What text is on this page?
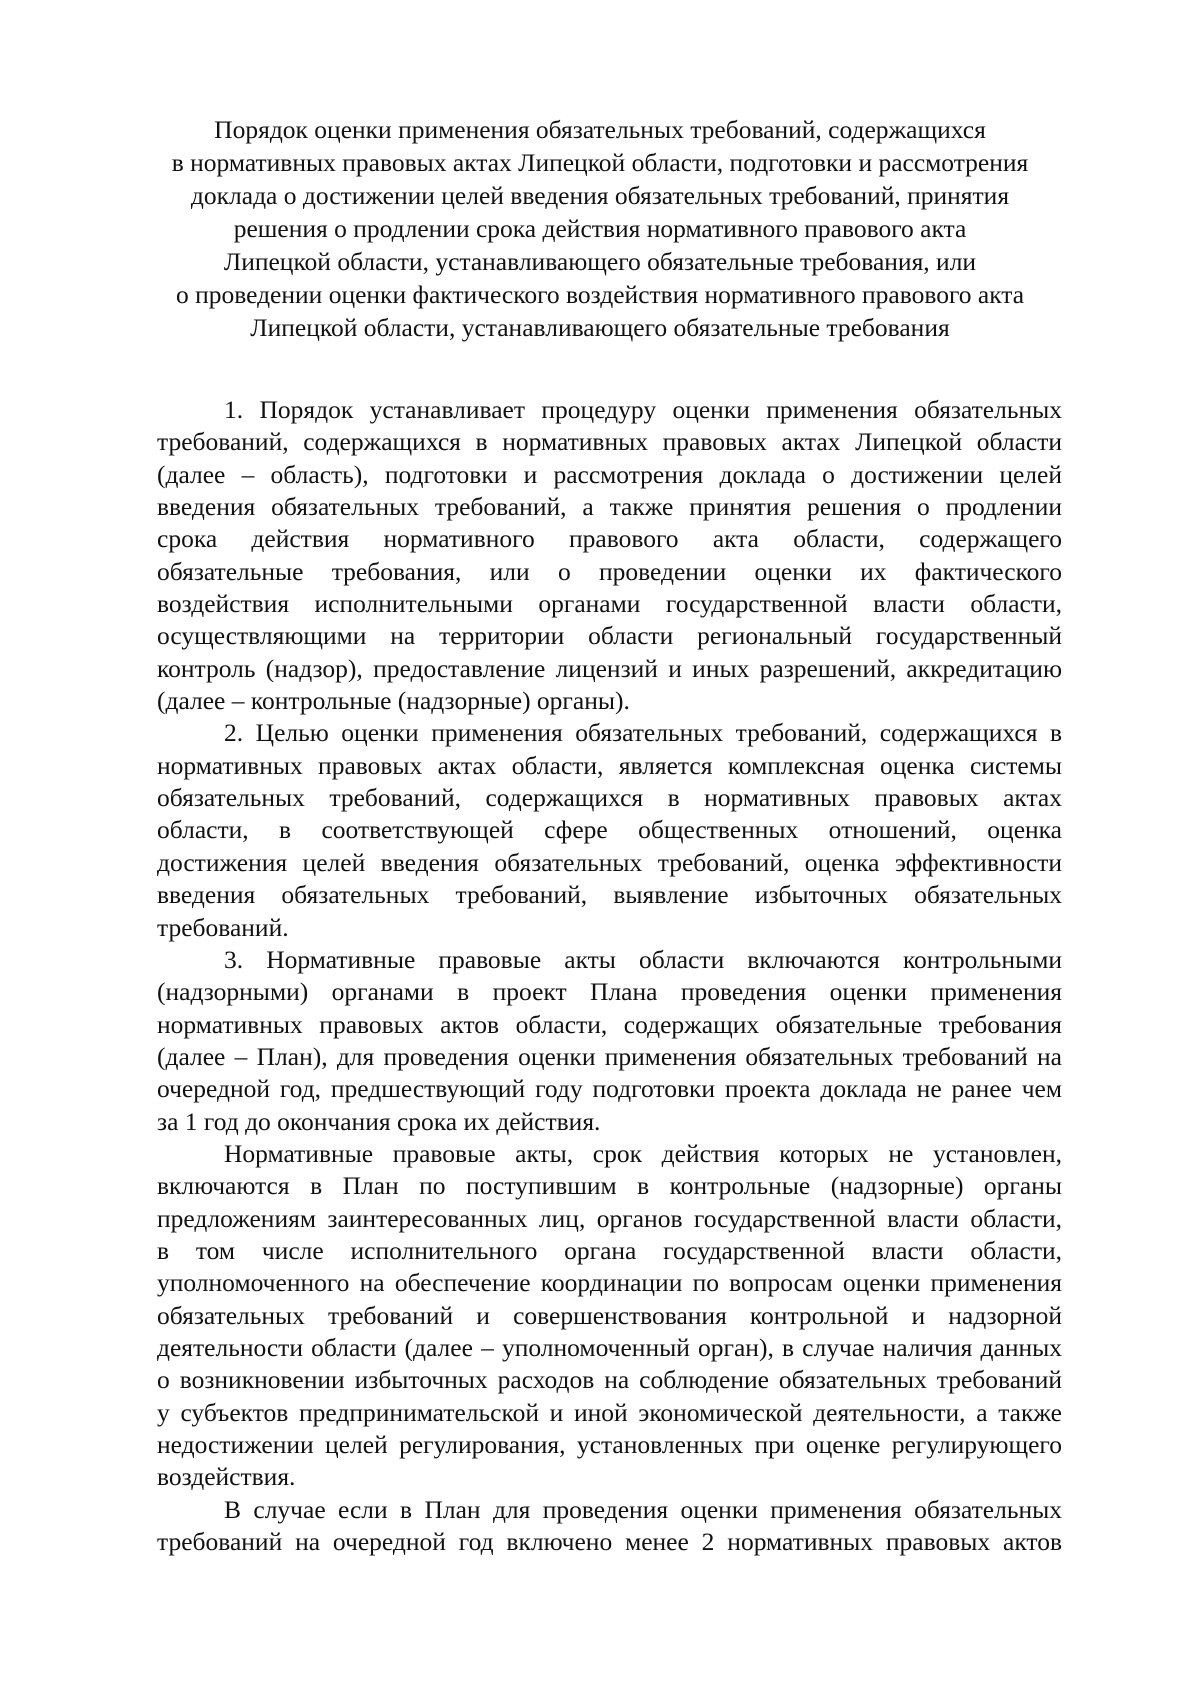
Порядок оценки применения обязательных требований, содержащихся
в нормативных правовых актах Липецкой области, подготовки и рассмотрения
доклада о достижении целей введения обязательных требований, принятия
решения о продлении срока действия нормативного правового акта
Липецкой области, устанавливающего обязательные требования, или
о проведении оценки фактического воздействия нормативного правового акта
Липецкой области, устанавливающего обязательные требования
1. Порядок устанавливает процедуру оценки применения обязательных
требований, содержащихся в нормативных правовых актах Липецкой области
(далее – область), подготовки и рассмотрения доклада о достижении целей
введения обязательных требований, а также принятия решения о продлении
срока действия нормативного правового акта области, содержащего
обязательные требования, или о проведении оценки их фактического
воздействия исполнительными органами государственной власти области,
осуществляющими на территории области региональный государственный
контроль (надзор), предоставление лицензий и иных разрешений, аккредитацию
(далее – контрольные (надзорные) органы).
2. Целью оценки применения обязательных требований, содержащихся в
нормативных правовых актах области, является комплексная оценка системы
обязательных требований, содержащихся в нормативных правовых актах
области, в соответствующей сфере общественных отношений, оценка
достижения целей введения обязательных требований, оценка эффективности
введения обязательных требований, выявление избыточных обязательных
требований.
3. Нормативные правовые акты области включаются контрольными
(надзорными) органами в проект Плана проведения оценки применения
нормативных правовых актов области, содержащих обязательные требования
(далее – План), для проведения оценки применения обязательных требований на
очередной год, предшествующий году подготовки проекта доклада не ранее чем
за 1 год до окончания срока их действия.
Нормативные правовые акты, срок действия которых не установлен,
включаются в План по поступившим в контрольные (надзорные) органы
предложениям заинтересованных лиц, органов государственной власти области,
в том числе исполнительного органа государственной власти области,
уполномоченного на обеспечение координации по вопросам оценки применения
обязательных требований и совершенствования контрольной и надзорной
деятельности области (далее – уполномоченный орган), в случае наличия данных
о возникновении избыточных расходов на соблюдение обязательных требований
у субъектов предпринимательской и иной экономической деятельности, а также
недостижении целей регулирования, установленных при оценке регулирующего
воздействия.
В случае если в План для проведения оценки применения обязательных
требований на очередной год включено менее 2 нормативных правовых актов
